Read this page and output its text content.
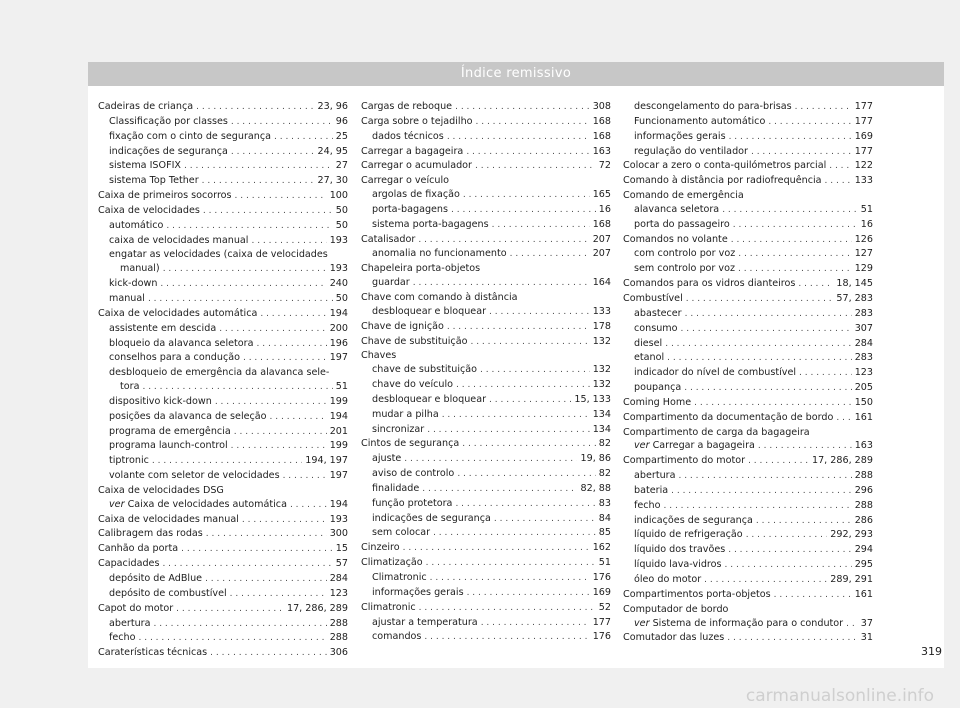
Índice remissivo
Cadeiras de criança . . .	23, 96
Classificação por classes . . .	96
fixação com o cinto de segurança . . .	25
indicações de segurança . . .	24, 95
sistema ISOFIX . . .	27
sistema Top Tether . . .	27, 30
Caixa de primeiros socorros . . .	100
Caixa de velocidades . . .	50
automático . . .	50
caixa de velocidades manual . . .	193
engatar as velocidades (caixa de velocidades
manual) . . .	193
kick-down . . .	240
manual . . .	50
Caixa de velocidades automática . . .	194
assistente em descida . . .	200
bloqueio da alavanca seletora . . .	196
conselhos para a condução . . .	197
desbloqueio de emergência da alavanca sele-
tora . . .	51
dispositivo kick-down . . .	199
posições da alavanca de seleção . . .	194
programa de emergência . . .	201
programa launch-control . . .	199
tiptronic . . .	194, 197
volante com seletor de velocidades . . .	197
Caixa de velocidades DSG
ver Caixa de velocidades automática . . .	194
Caixa de velocidades manual . . .	193
Calibragem das rodas . . .	300
Canhão da porta . . .	15
Capacidades . . .	57
depósito de AdBlue . . .	284
depósito de combustível . . .	123
Capot do motor . . .	17, 286, 289
abertura . . .	288
fecho . . .	288
Caraterísticas técnicas . . .	306
Cargas de reboque . . .	308
Carga sobre o tejadilho . . .	168
dados técnicos . . .	168
Carregar a bagageira . . .	163
Carregar o acumulador . . .	72
Carregar o veículo
argolas de fixação . . .	165
porta-bagagens . . .	16
sistema porta-bagagens . . .	168
Catalisador . . .	207
anomalia no funcionamento . . .	207
Chapeleira porta-objetos
guardar . . .	164
Chave com comando à distância
desbloquear e bloquear . . .	133
Chave de ignição . . .	178
Chave de substituição . . .	132
Chaves
chave de substituição . . .	132
chave do veículo . . .	132
desbloquear e bloquear . . .	15, 133
mudar a pilha . . .	134
sincronizar . . .	134
Cintos de segurança . . .	82
ajuste . . .	19, 86
aviso de controlo . . .	82
finalidade . . .	82, 88
função protetora . . .	83
indicações de segurança . . .	84
sem colocar . . .	85
Cinzeiro . . .	162
Climatização . . .	51
Climatronic . . .	176
informações gerais . . .	169
Climatronic . . .	52
ajustar a temperatura . . .	177
comandos . . .	176
descongelamento do para-brisas . . .	177
Funcionamento automático . . .	177
informações gerais . . .	169
regulação do ventilador . . .	177
Colocar a zero o conta-quilómetros parcial . . .	122
Comando à distância por radiofrequência . . .	133
Comando de emergência
alavanca seletora . . .	51
porta do passageiro . . .	16
Comandos no volante . . .	126
com controlo por voz . . .	127
sem controlo por voz . . .	129
Comandos para os vidros dianteiros . . .	18, 145
Combustível . . .	57, 283
abastecer . . .	283
consumo . . .	307
diesel . . .	284
etanol . . .	283
indicador do nível de combustível . . .	123
poupança . . .	205
Coming Home . . .	150
Compartimento da documentação de bordo . . . 161
Compartimento de carga da bagageira
ver Carregar a bagageira . . .	163
Compartimento do motor . . .	17, 286, 289
abertura . . .	288
bateria . . .	296
fecho . . .	288
indicações de segurança . . .	286
líquido de refrigeração . . .	292, 293
líquido dos travões . . .	294
líquido lava-vidros . . .	295
óleo do motor . . .	289, 291
Compartimentos porta-objetos . . .	161
Computador de bordo
ver Sistema de informação para o condutor . . . 37
Comutador das luzes . . .	31
319
carmanualsonline.info
